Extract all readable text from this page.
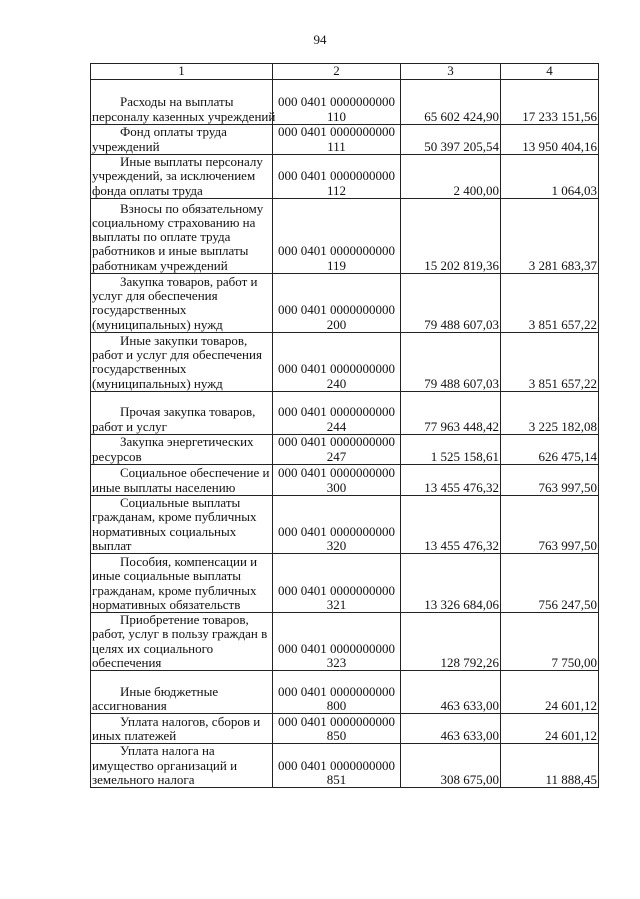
94
1	2	3	4

Расходы на выплаты
персоналу казенных учреждений	000 0401 0000000000
110	65 602 424,90	17 233 151,56

Фонд оплаты труда
учреждений	000 0401 0000000000
111	50 397 205,54	13 950 404,16

Иные выплаты персоналу
учреждений, за исключением
фонда оплаты труда	000 0401 0000000000
112	2 400,00	1 064,03

Взносы по обязательному
социальному страхованию на
выплаты по оплате труда
работников и иные выплаты
работникам учреждений	000 0401 0000000000
119	15 202 819,36	3 281 683,37

Закупка товаров, работ и
услуг для обеспечения
государственных
(муниципальных) нужд	000 0401 0000000000
200	79 488 607,03	3 851 657,22

Иные закупки товаров,
работ и услуг для обеспечения
государственных
(муниципальных) нужд	000 0401 0000000000
240	79 488 607,03	3 851 657,22

Прочая закупка товаров,
работ и услуг	000 0401 0000000000
244	77 963 448,42	3 225 182,08

Закупка энергетических
ресурсов	000 0401 0000000000
247	1 525 158,61	626 475,14

Социальное обеспечение и
иные выплаты населению	000 0401 0000000000
300	13 455 476,32	763 997,50

Социальные выплаты
гражданам, кроме публичных
нормативных социальных
выплат	000 0401 0000000000
320	13 455 476,32	763 997,50

Пособия, компенсации и
иные социальные выплаты
гражданам, кроме публичных
нормативных обязательств	000 0401 0000000000
321	13 326 684,06	756 247,50

Приобретение товаров,
работ, услуг в пользу граждан в
целях их социального
обеспечения	000 0401 0000000000
323	128 792,26	7 750,00

Иные бюджетные
ассигнования	000 0401 0000000000
800	463 633,00	24 601,12

Уплата налогов, сборов и
иных платежей	000 0401 0000000000
850	463 633,00	24 601,12

Уплата налога на
имущество организаций и
земельного налога	000 0401 0000000000
851	308 675,00	11 888,45
